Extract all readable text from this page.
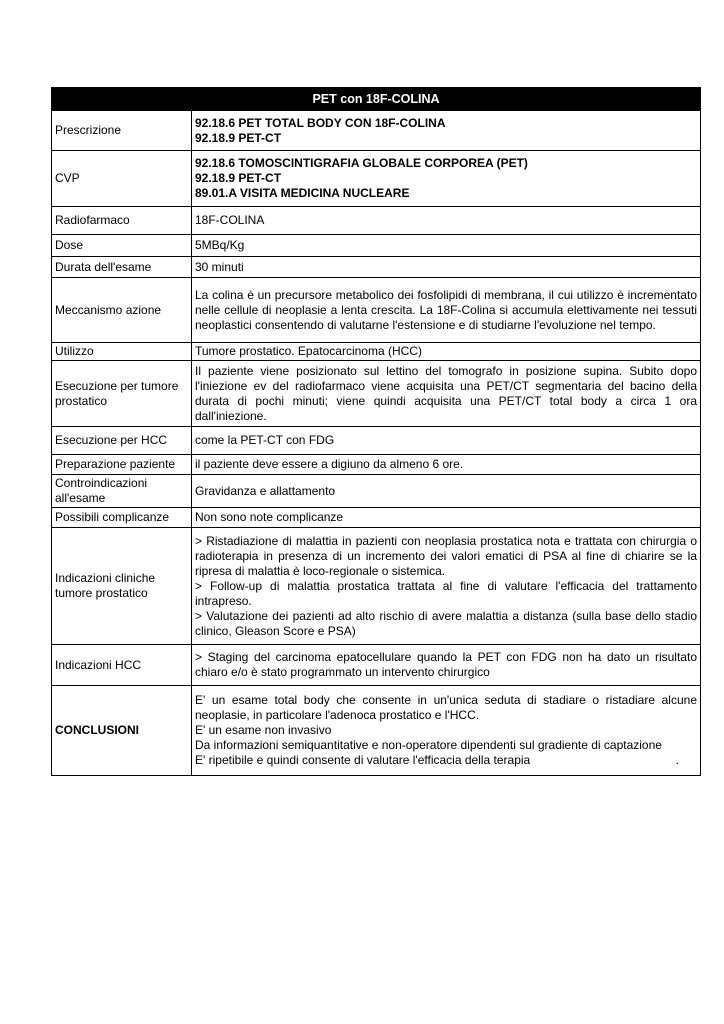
PET con 18F-COLINA	
Prescrizione	92.18.6 PET TOTAL BODY CON 18F-COLINA
92.18.9 PET-CT

CVP	92.18.6 TOMOSCINTIGRAFIA GLOBALE CORPOREA (PET)
92.18.9 PET-CT
89.01.A VISITA MEDICINA NUCLEARE

Radiofarmaco	18F-COLINA
Dose	5MBq/Kg
Durata dell'esame	30 minuti
Meccanismo azione	La colina è un precursore metabolico dei fosfolipidi di membrana, il cui utilizzo è incrementato nelle cellule di neoplasie a lenta crescita. La 18F-Colina si accumula elettivamente nei tessuti neoplastici consentendo di valutarne l'estensione e di studiarne l'evoluzione nel tempo.
Utilizzo	Tumore prostatico. Epatocarcinoma (HCC)
Esecuzione per tumore prostatico	Il paziente viene posizionato sul lettino del tomografo in posizione supina. Subito dopo l'iniezione ev del radiofarmaco viene acquisita una PET/CT segmentaria del bacino della durata di pochi minuti; viene quindi acquisita una PET/CT total body a circa 1 ora dall'iniezione.
Esecuzione per HCC	come la PET-CT con FDG
Preparazione paziente	il paziente deve essere a digiuno da almeno 6 ore.
Controindicazioni all'esame	Gravidanza e allattamento
Possibili complicanze	Non sono note complicanze
Indicazioni cliniche tumore prostatico	> Ristadiazione di malattia in pazienti con neoplasia prostatica nota e trattata con chirurgia o radioterapia in presenza di un incremento dei valori ematici di PSA al fine di chiarire se la ripresa di malattia è loco-regionale o sistemica.
> Follow-up di malattia prostatica trattata al fine di valutare l'efficacia del trattamento intrapreso.
> Valutazione dei pazienti ad alto rischio di avere malattia a distanza (sulla base dello stadio clinico, Gleason Score e PSA)

Indicazioni HCC	> Staging del carcinoma epatocellulare quando la PET con FDG non ha dato un risultato chiaro e/o è stato programmato un intervento chirurgico
CONCLUSIONI	E' un esame total body che consente in un'unica seduta di stadiare o ristadiare alcune neoplasie, in particolare l'adenoca prostatico e l'HCC.
E' un esame non invasivo
Da informazioni semiquantitative e non-operatore dipendenti sul gradiente di captazione
E' ripetibile e quindi consente di valutare l'efficacia della terapia .
